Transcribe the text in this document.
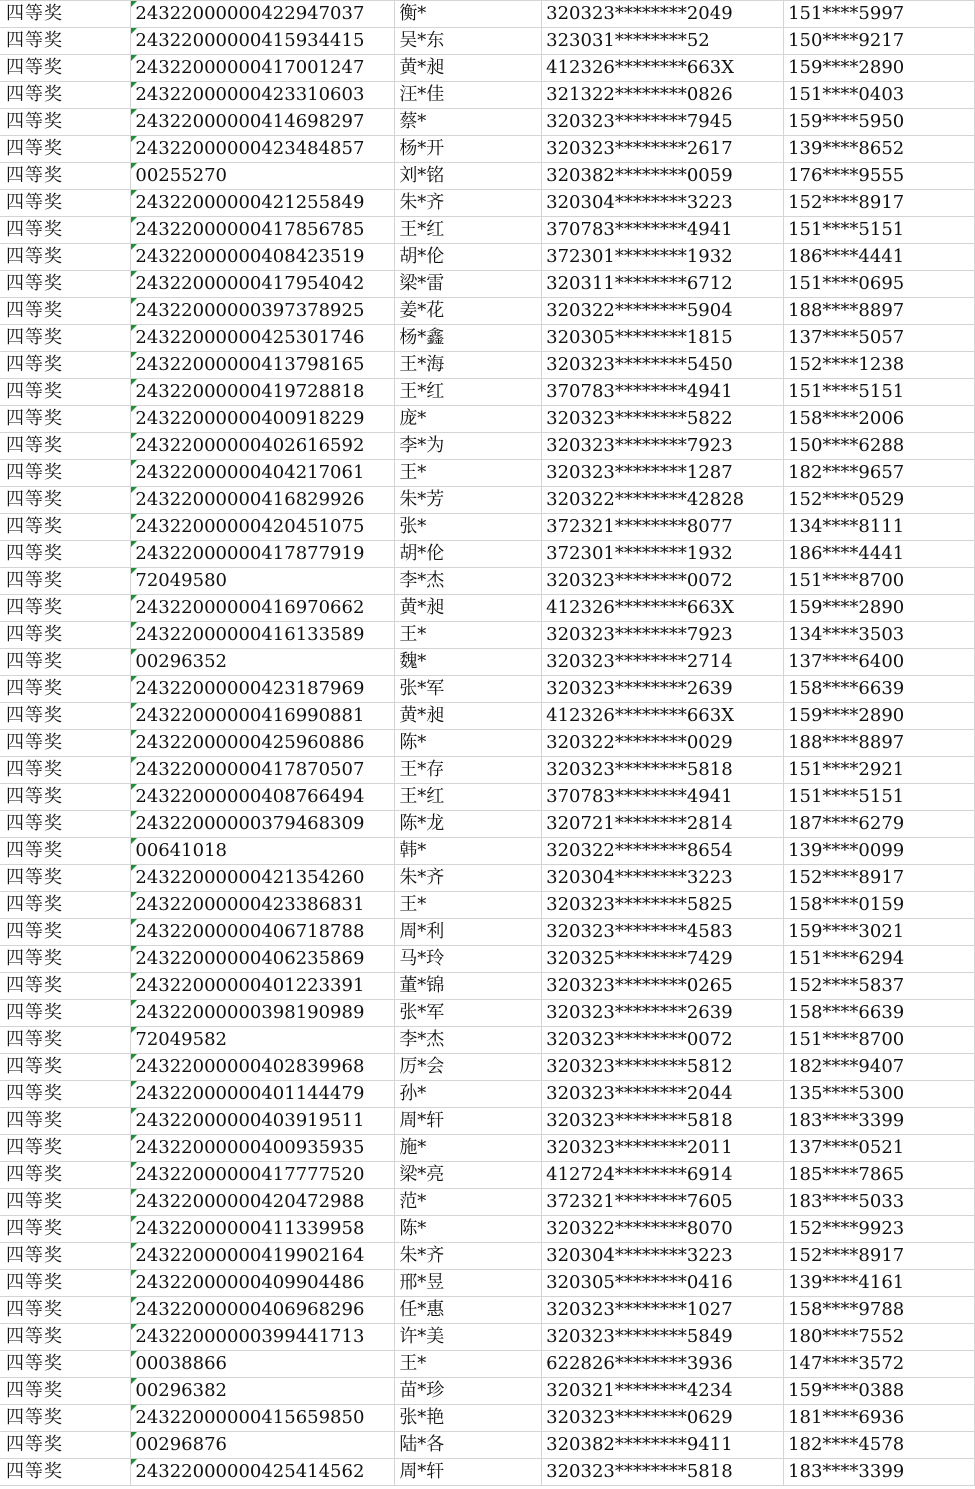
四等奖	24322000000422947037	衡*	320323********2049	151****5997
四等奖	24322000000415934415	吴*东	323031********52	150****9217
四等奖	24322000000417001247	黄*昶	412326********663X	159****2890
四等奖	24322000000423310603	汪*佳	321322********0826	151****0403
四等奖	24322000000414698297	蔡*	320323********7945	159****5950
四等奖	24322000000423484857	杨*开	320323********2617	139****8652
四等奖	00255270	刘*铭	320382********0059	176****9555
四等奖	24322000000421255849	朱*齐	320304********3223	152****8917
四等奖	24322000000417856785	王*红	370783********4941	151****5151
四等奖	24322000000408423519	胡*伦	372301********1932	186****4441
四等奖	24322000000417954042	梁*雷	320311********6712	151****0695
四等奖	24322000000397378925	姜*花	320322********5904	188****8897
四等奖	24322000000425301746	杨*鑫	320305********1815	137****5057
四等奖	24322000000413798165	王*海	320323********5450	152****1238
四等奖	24322000000419728818	王*红	370783********4941	151****5151
四等奖	24322000000400918229	庞*	320323********5822	158****2006
四等奖	24322000000402616592	李*为	320323********7923	150****6288
四等奖	24322000000404217061	王*	320323********1287	182****9657
四等奖	24322000000416829926	朱*芳	320322********42828	152****0529
四等奖	24322000000420451075	张*	372321********8077	134****8111
四等奖	24322000000417877919	胡*伦	372301********1932	186****4441
四等奖	72049580	李*杰	320323********0072	151****8700
四等奖	24322000000416970662	黄*昶	412326********663X	159****2890
四等奖	24322000000416133589	王*	320323********7923	134****3503
四等奖	00296352	魏*	320323********2714	137****6400
四等奖	24322000000423187969	张*军	320323********2639	158****6639
四等奖	24322000000416990881	黄*昶	412326********663X	159****2890
四等奖	24322000000425960886	陈*	320322********0029	188****8897
四等奖	24322000000417870507	王*存	320323********5818	151****2921
四等奖	24322000000408766494	王*红	370783********4941	151****5151
四等奖	24322000000379468309	陈*龙	320721********2814	187****6279
四等奖	00641018	韩*	320322********8654	139****0099
四等奖	24322000000421354260	朱*齐	320304********3223	152****8917
四等奖	24322000000423386831	王*	320323********5825	158****0159
四等奖	24322000000406718788	周*利	320323********4583	159****3021
四等奖	24322000000406235869	马*玲	320325********7429	151****6294
四等奖	24322000000401223391	董*锦	320323********0265	152****5837
四等奖	24322000000398190989	张*军	320323********2639	158****6639
四等奖	72049582	李*杰	320323********0072	151****8700
四等奖	24322000000402839968	厉*会	320323********5812	182****9407
四等奖	24322000000401144479	孙*	320323********2044	135****5300
四等奖	24322000000403919511	周*轩	320323********5818	183****3399
四等奖	24322000000400935935	施*	320323********2011	137****0521
四等奖	24322000000417777520	梁*亮	412724********6914	185****7865
四等奖	24322000000420472988	范*	372321********7605	183****5033
四等奖	24322000000411339958	陈*	320322********8070	152****9923
四等奖	24322000000419902164	朱*齐	320304********3223	152****8917
四等奖	24322000000409904486	邢*昱	320305********0416	139****4161
四等奖	24322000000406968296	任*惠	320323********1027	158****9788
四等奖	24322000000399441713	许*美	320323********5849	180****7552
四等奖	00038866	王*	622826********3936	147****3572
四等奖	00296382	苗*珍	320321********4234	159****0388
四等奖	24322000000415659850	张*艳	320323********0629	181****6936
四等奖	00296876	陆*各	320382********9411	182****4578
四等奖	24322000000425414562	周*轩	320323********5818	183****3399
